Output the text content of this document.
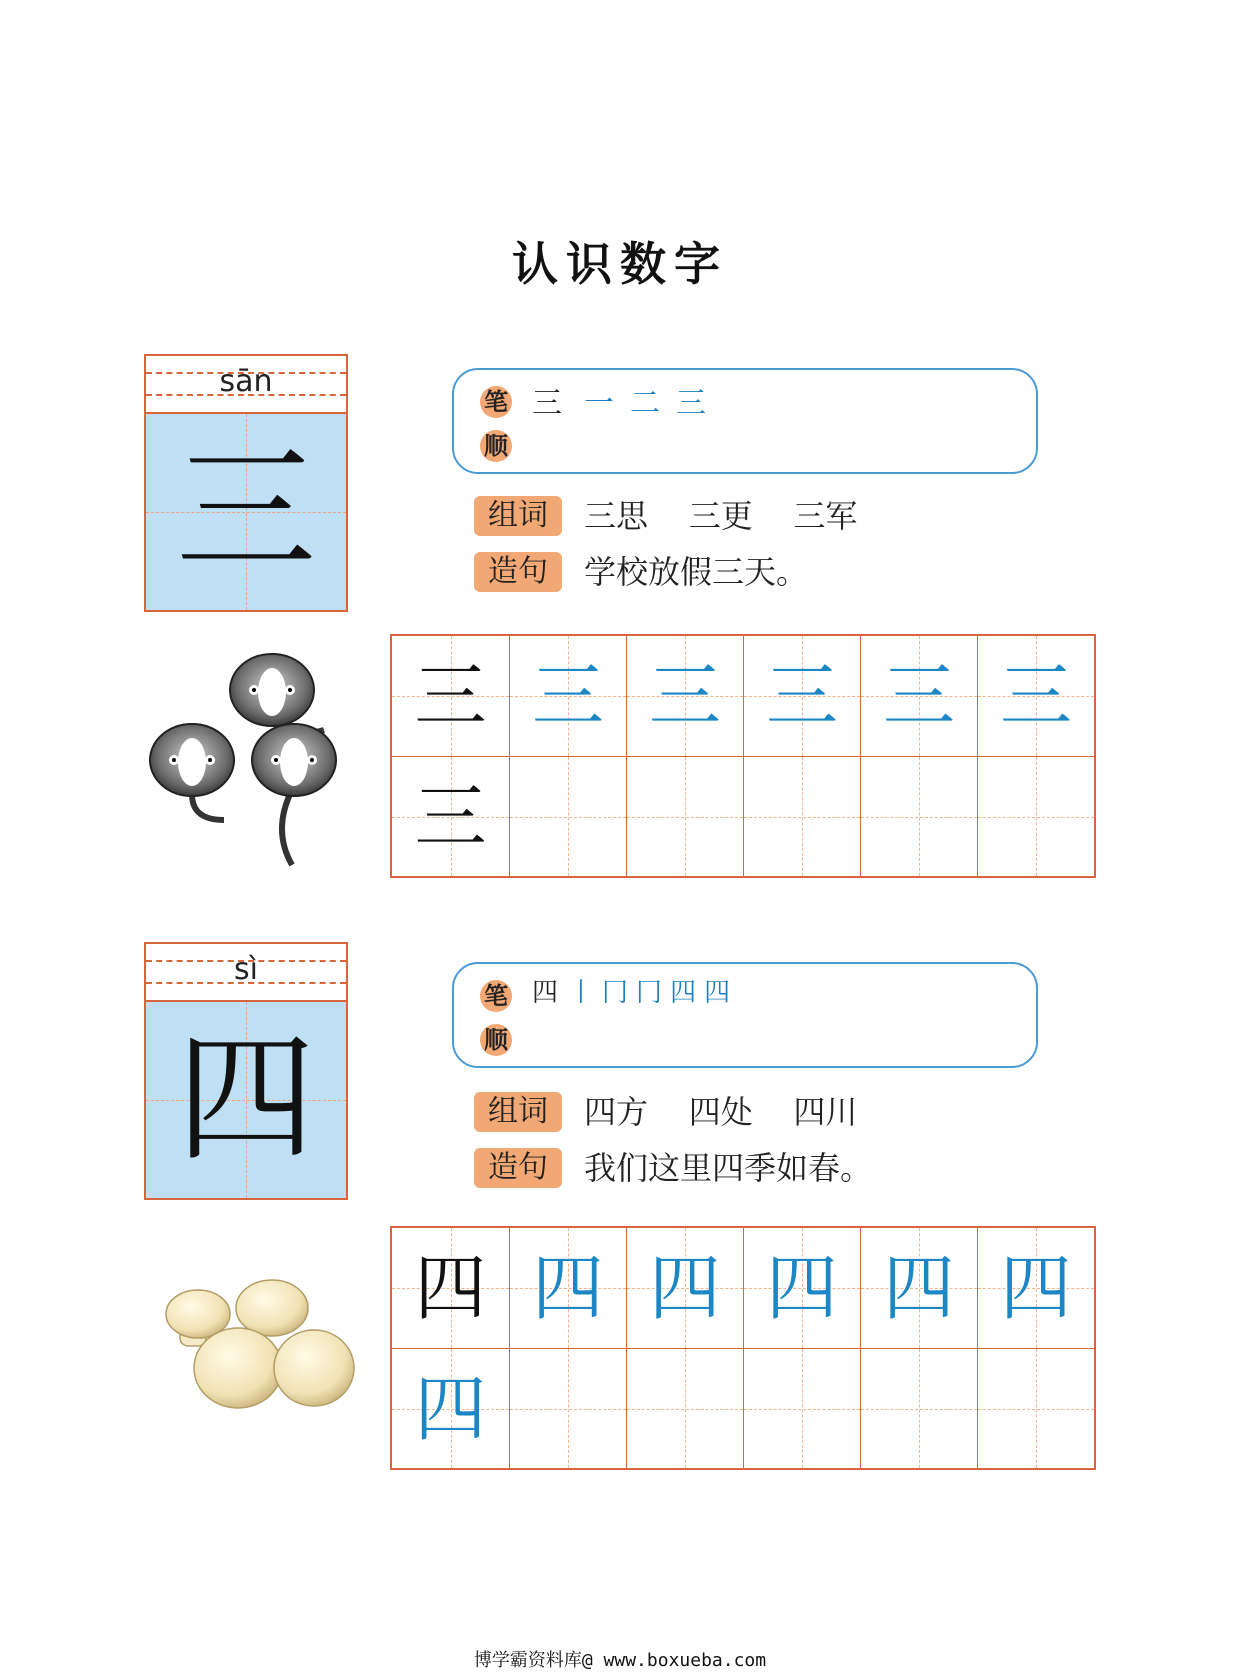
认识数字
sān
三
笔
顺
三 一 二 三
组词	三思    三更    三军
造句	学校放假三天。
三 三 三 三 三 三
三
sì
四
笔
顺
四 丨 冂 冂 四 四
组词	四方    四处    四川
造句	我们这里四季如春。
四 四 四 四 四 四
四
博学霸资料库@ www.boxueba.com
